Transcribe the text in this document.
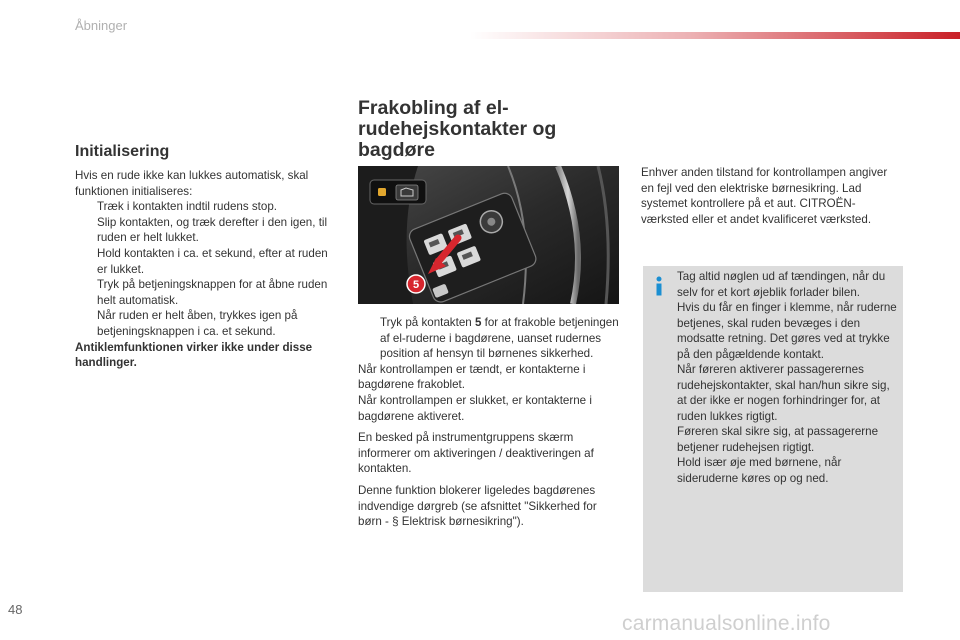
Åbninger
Initialisering

Hvis en rude ikke kan lukkes automatisk, skal funktionen initialiseres:

Træk i kontakten indtil rudens stop.
Slip kontakten, og træk derefter i den igen, til ruden er helt lukket.
Hold kontakten i ca. et sekund, efter at ruden er lukket.
Tryk på betjeningsknappen for at åbne ruden helt automatisk.
Når ruden er helt åben, trykkes igen på betjeningsknappen i ca. et sekund.

Antiklemfunktionen virker ikke under disse handlinger.

Frakobling af el-rudehejskontakter og bagdøre
5
Tryk på kontakten 5 for at frakoble betjeningen af el-ruderne i bagdørene, uanset rudernes position af hensyn til børnenes sikkerhed.

Når kontrollampen er tændt, er kontakterne i bagdørene frakoblet.

Når kontrollampen er slukket, er kontakterne i bagdørene aktiveret.

En besked på instrumentgruppens skærm informerer om aktiveringen / deaktiveringen af kontakten.

Denne funktion blokerer ligeledes bagdørenes indvendige dørgreb (se afsnittet "Sikkerhed for børn - § Elektrisk børnesikring").

Enhver anden tilstand for kontrollampen angiver en fejl ved den elektriske børnesikring. Lad systemet kontrollere på et aut. CITROËN-værksted eller et andet kvalificeret værksted.

Tag altid nøglen ud af tændingen, når du selv for et kort øjeblik forlader bilen.

Hvis du får en finger i klemme, når ruderne betjenes, skal ruden bevæges i den modsatte retning. Det gøres ved at trykke på den pågældende kontakt.

Når føreren aktiverer passagerernes rudehejskontakter, skal han/hun sikre sig, at der ikke er nogen forhindringer for, at ruden lukkes rigtigt.

Føreren skal sikre sig, at passagererne betjener rudehejsen rigtigt.

Hold især øje med børnene, når sideruderne køres op og ned.

48
carmanualsonline.info
